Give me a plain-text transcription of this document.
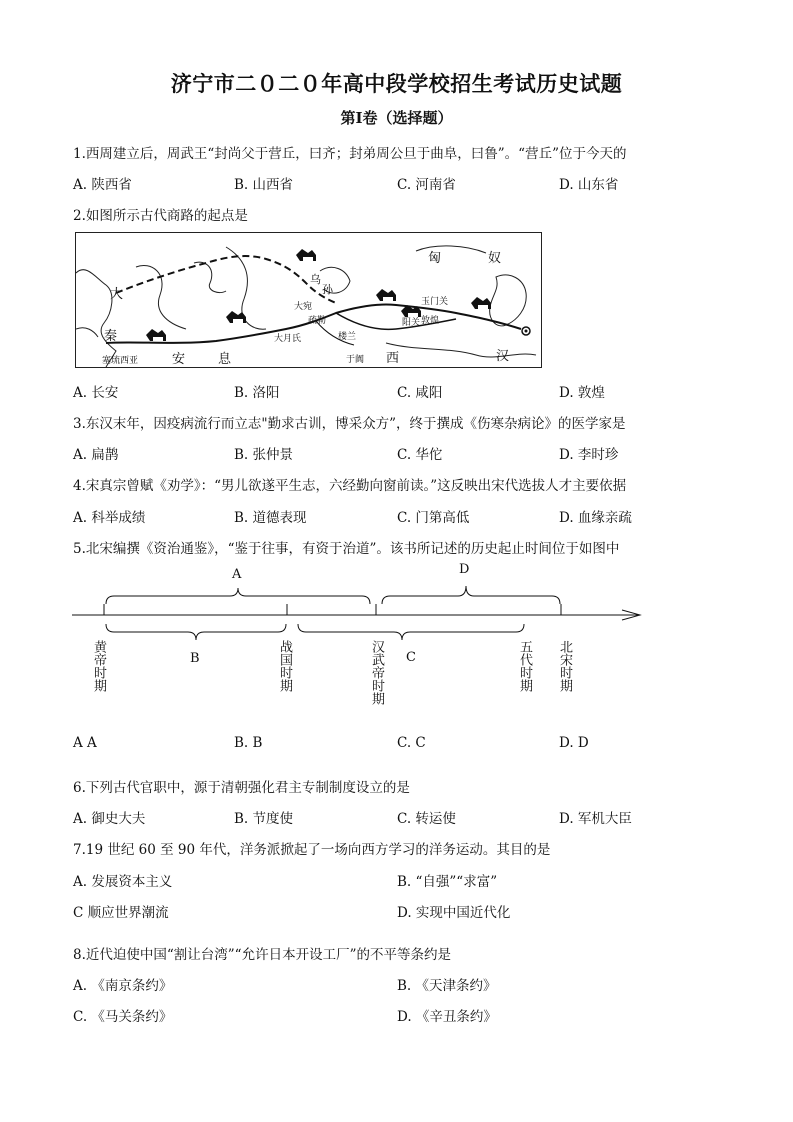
济宁市二０二０年高中段学校招生考试历史试题
第Ⅰ卷（选择题）
1.西周建立后，周武王“封尚父于营丘，曰齐；封弟周公旦于曲阜，曰鲁”。“营丘”位于今天的
A. 陕西省	B. 山西省	C. 河南省	D. 山东省
2.如图所示古代商路的起点是
匈	奴
乌
孙
大宛
疏勒
玉门关
阳关 敦煌
大月氏	楼兰
于阗 西	汉
大
秦
安	息
塞琉西亚
A. 长安	B. 洛阳	C. 咸阳	D. 敦煌
3.东汉末年，因疫病流行而立志"勤求古训，博采众方”，终于撰成《伤寒杂病论》的医学家是
A. 扁鹊	B. 张仲景	C. 华佗	D. 李时珍
4.宋真宗曾赋《劝学》：“男儿欲遂平生志，六经勤向窗前读。”这反映出宋代选拔人才主要依据
A. 科举成绩	B. 道德表现	C. 门第高低	D. 血缘亲疏
5.北宋编撰《资治通鉴》，“鉴于往事，有资于治道”。该书所记述的历史起止时间位于如图中
A
B	C
D
黄帝时期	战国时期	汉武帝时期	五代时期 北宋时期
A A	B. B	C. C	D. D
6.下列古代官职中，源于清朝强化君主专制制度设立的是
A. 御史大夫	B. 节度使	C. 转运使	D. 军机大臣
7.19 世纪 60 至 90 年代，洋务派掀起了一场向西方学习的洋务运动。其目的是
A. 发展资本主义	B. “自强”“求富”
C 顺应世界潮流	D. 实现中国近代化
8.近代迫使中国“割让台湾”“允许日本开设工厂”的不平等条约是
A. 《南京条约》	B. 《天津条约》
C. 《马关条约》	D. 《辛丑条约》
